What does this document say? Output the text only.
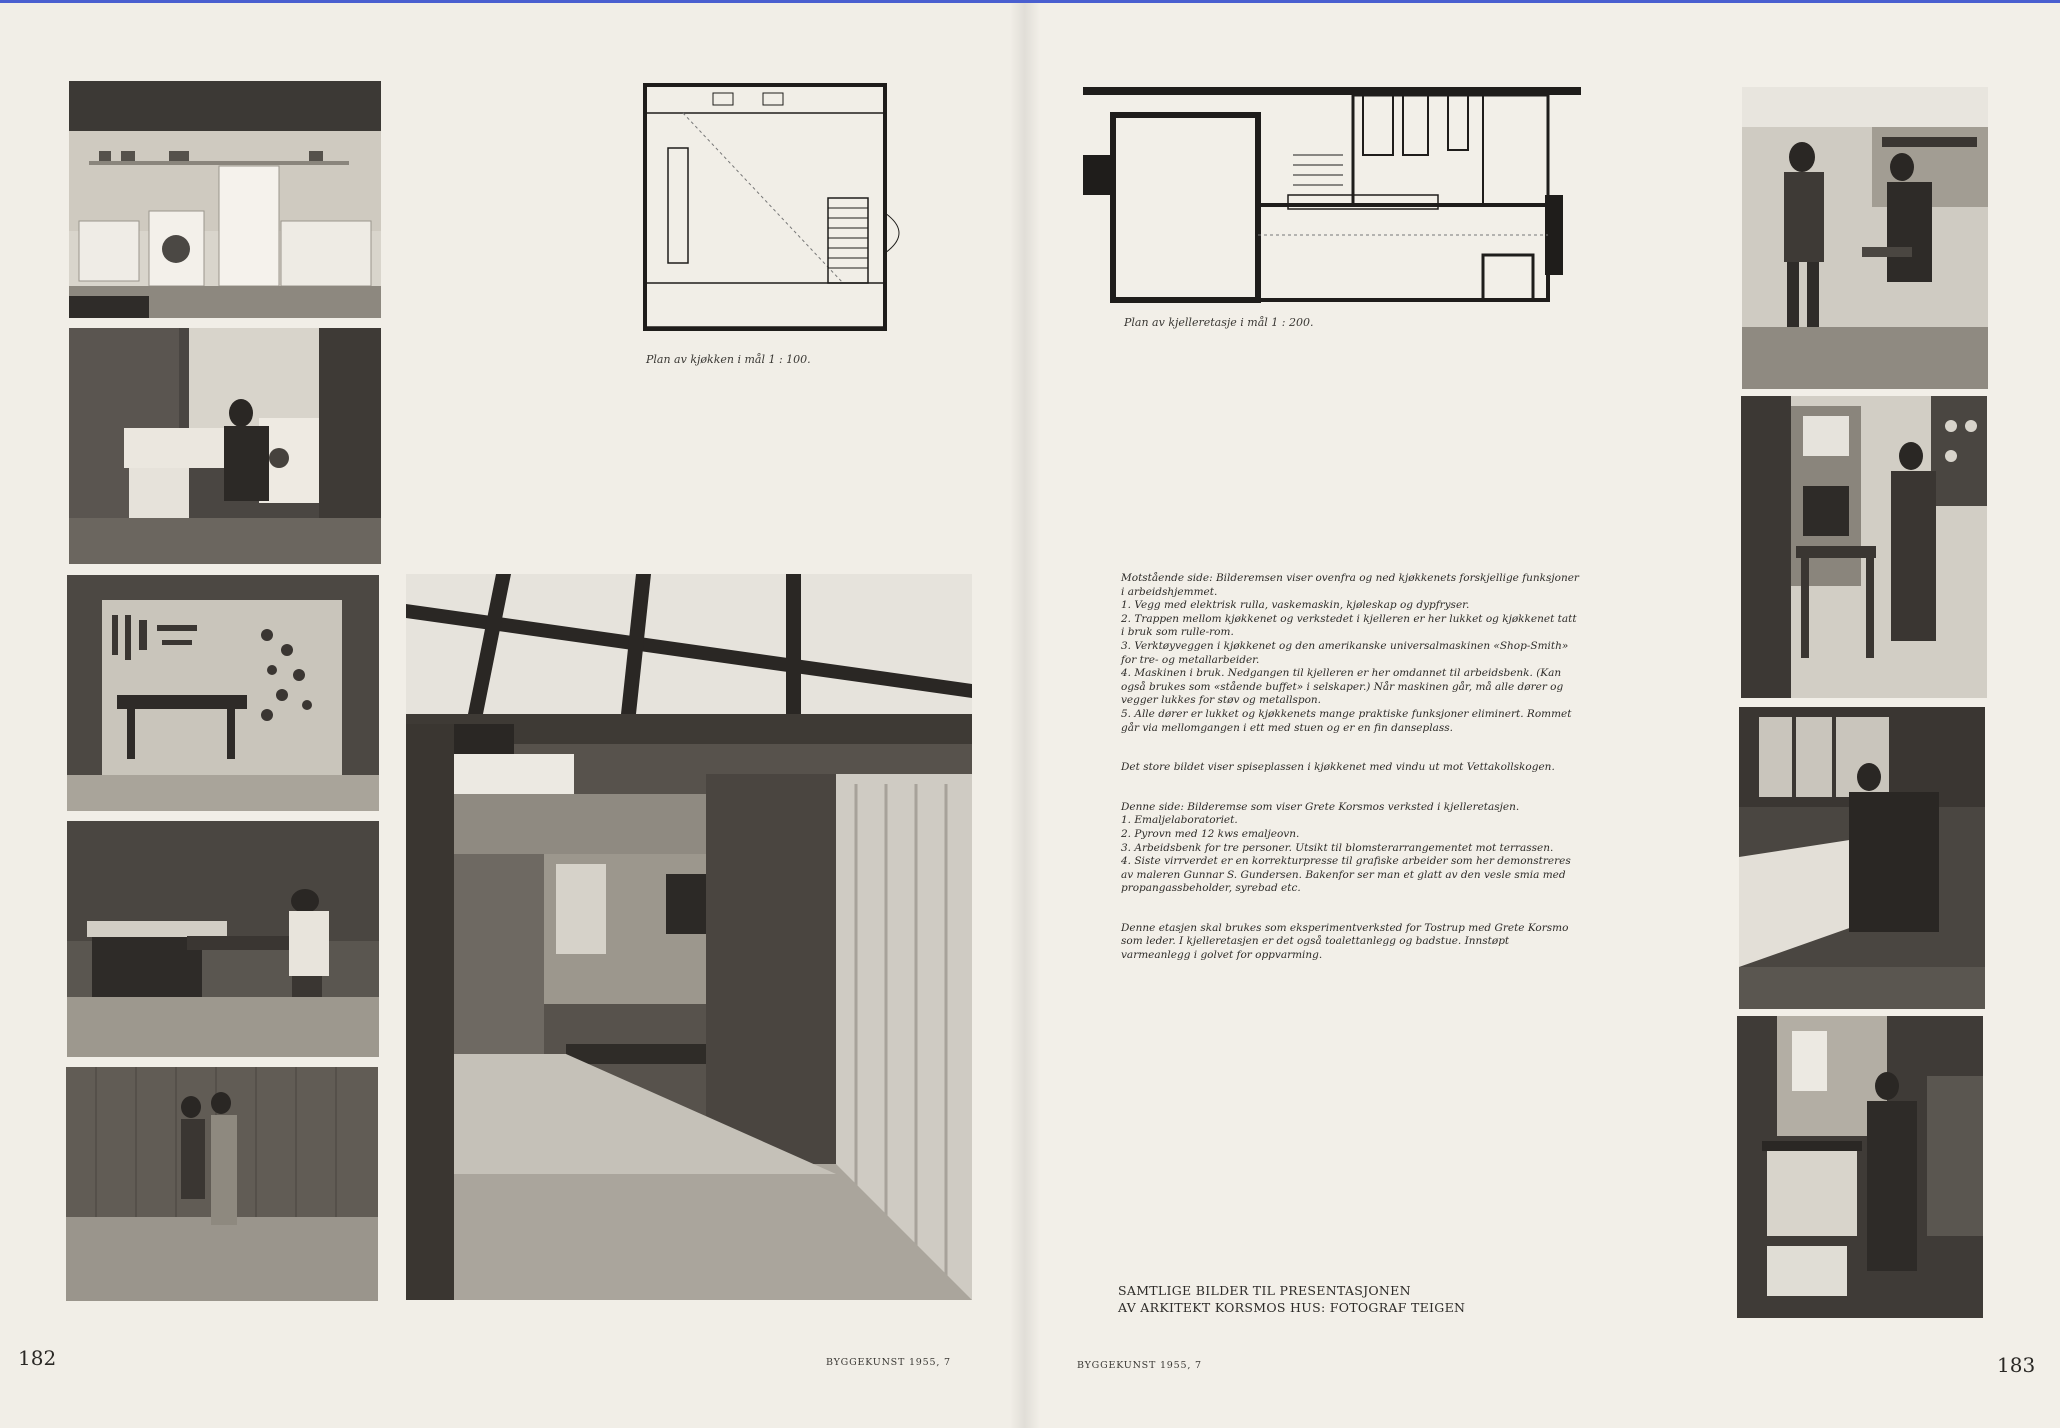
Plan av kjøkken i mål 1 : 100.
182	BYGGEKUNST 1955, 7
Plan av kjelleretasje i mål 1 : 200.

Motstående side: Bilderemsen viser ovenfra og ned kjøkkenets forskjellige funksjoner i arbeidshjemmet.

1. Vegg med elektrisk rulla, vaskemaskin, kjøleskap og dypfryser.

2. Trappen mellom kjøkkenet og verkstedet i kjelleren er her lukket og kjøkkenet tatt i bruk som rulle-rom.

3. Verktøyveggen i kjøkkenet og den amerikanske universalmaskinen «Shop-Smith» for tre- og metallarbeider.

4. Maskinen i bruk. Nedgangen til kjelleren er her omdannet til arbeidsbenk. (Kan også brukes som «stående buffet» i selskaper.) Når maskinen går, må alle dører og vegger lukkes for støv og metallspon.

5. Alle dører er lukket og kjøkkenets mange praktiske funksjoner eliminert. Rommet går via mellomgangen i ett med stuen og er en fin danseplass.

Det store bildet viser spiseplassen i kjøkkenet med vindu ut mot Vettakollskogen.

Denne side: Bilderemse som viser Grete Korsmos verksted i kjelleretasjen.

1. Emaljelaboratoriet.

2. Pyrovn med 12 kws emaljeovn.

3. Arbeidsbenk for tre personer. Utsikt til blomsterarrangementet mot terrassen.

4. Siste virrverdet er en korrekturpresse til grafiske arbeider som her demonstreres av maleren Gunnar S. Gundersen. Bakenfor ser man et glatt av den vesle smia med propangassbeholder, syrebad etc.

Denne etasjen skal brukes som eksperimentverksted for Tostrup med Grete Korsmo som leder. I kjelleretasjen er det også toalettanlegg og badstue. Innstøpt varmeanlegg i golvet for oppvarming.

SAMTLIGE BILDER TIL PRESENTASJONEN
AV ARKITEKT KORSMOS HUS: FOTOGRAF TEIGEN
BYGGEKUNST 1955, 7	183
